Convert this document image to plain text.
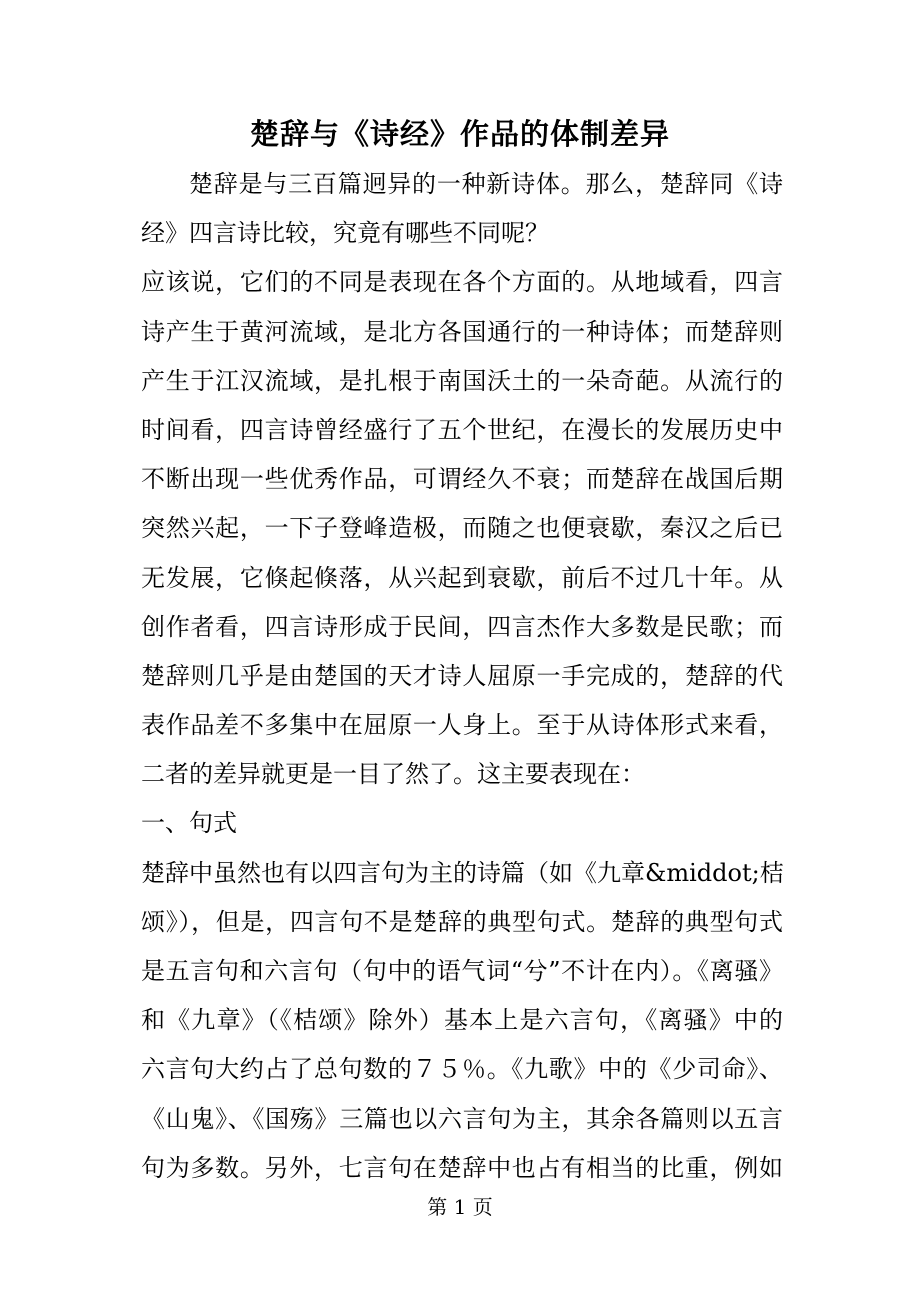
楚辞与《诗经》作品的体制差异
楚辞是与三百篇迥异的一种新诗体。那么，楚辞同《诗
经》四言诗比较，究竟有哪些不同呢？
应该说，它们的不同是表现在各个方面的。从地域看，四言
诗产生于黄河流域，是北方各国通行的一种诗体；而楚辞则
产生于江汉流域，是扎根于南国沃土的一朵奇葩。从流行的
时间看，四言诗曾经盛行了五个世纪，在漫长的发展历史中
不断出现一些优秀作品，可谓经久不衰；而楚辞在战国后期
突然兴起，一下子登峰造极，而随之也便衰歇，秦汉之后已
无发展，它倏起倏落，从兴起到衰歇，前后不过几十年。从
创作者看，四言诗形成于民间，四言杰作大多数是民歌；而
楚辞则几乎是由楚国的天才诗人屈原一手完成的，楚辞的代
表作品差不多集中在屈原一人身上。至于从诗体形式来看，
二者的差异就更是一目了然了。这主要表现在：
一、句式
楚辞中虽然也有以四言句为主的诗篇（如《九章&middot;桔
颂》），但是，四言句不是楚辞的典型句式。楚辞的典型句式
是五言句和六言句（句中的语气词“兮”不计在内）。《离骚》
和《九章》（《桔颂》除外）基本上是六言句，《离骚》中的
六言句大约占了总句数的７５％。《九歌》中的《少司命》、
《山鬼》、《国殇》三篇也以六言句为主，其余各篇则以五言
句为多数。另外，七言句在楚辞中也占有相当的比重，例如
第 1 页
